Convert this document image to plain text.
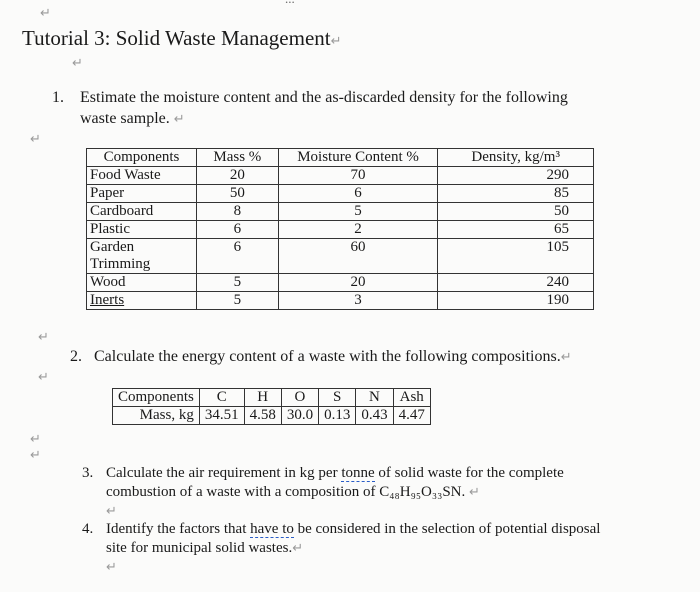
↵
Tutorial 3: Solid Waste Management↵
↵
1. Estimate the moisture content and the as-discarded density for the following
waste sample. ↵
↵
Components	Mass %	Moisture Content %	Density, kg/m³
Food Waste	20	70	290
Paper	50	6	85
Cardboard	8	5	50
Plastic	6	2	65
Garden Trimming	6	60	105
Wood	5	20	240
Inerts	5	3	190
↵
2. Calculate the energy content of a waste with the following compositions.↵
↵
Components	C	H	O	S	N	Ash
Mass, kg	34.51	4.58	30.0	0.13	0.43	4.47
↵
↵
3. Calculate the air requirement in kg per tonne of solid waste for the complete
combustion of a waste with a composition of C₄₈H₉₅O₃₃SN. ↵
↵
4. Identify the factors that have to be considered in the selection of potential disposal
site for municipal solid wastes.↵
↵
